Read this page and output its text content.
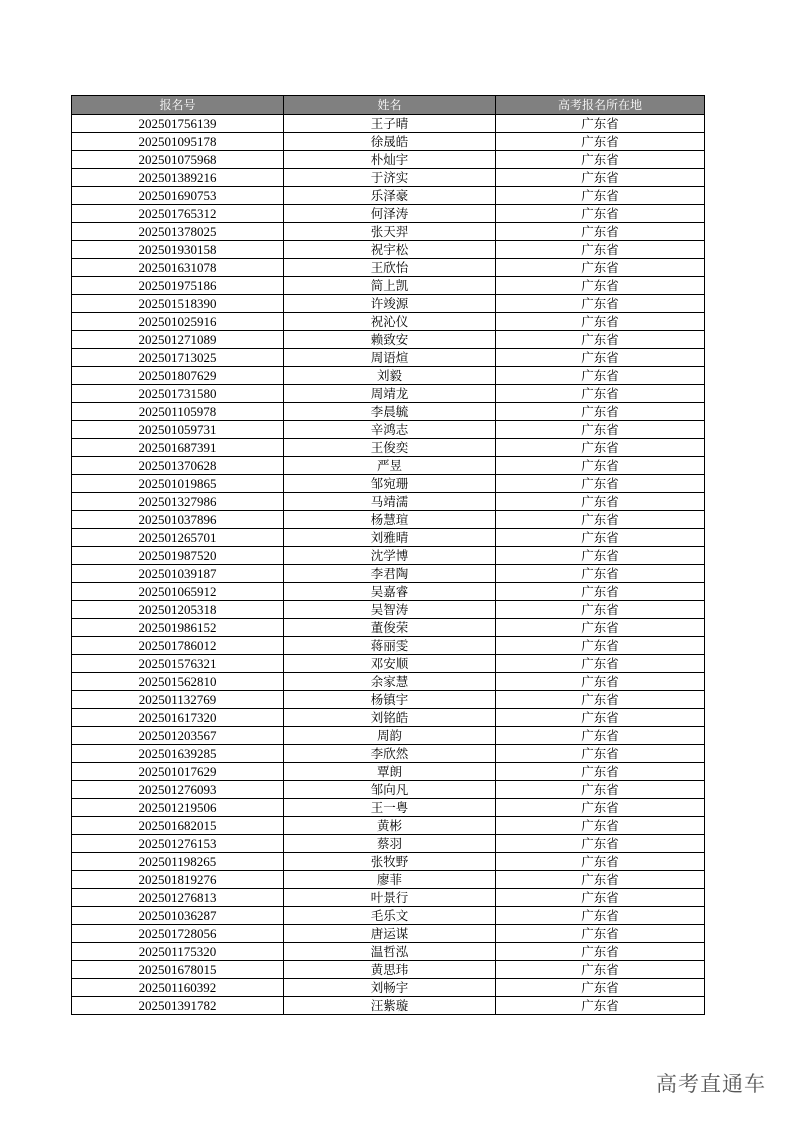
报名号	姓名	高考报名所在地
202501756139	王子晴	广东省
202501095178	徐晟皓	广东省
202501075968	朴灿宇	广东省
202501389216	于济实	广东省
202501690753	乐泽豪	广东省
202501765312	何泽涛	广东省
202501378025	张天羿	广东省
202501930158	祝宇松	广东省
202501631078	王欣怡	广东省
202501975186	简上凯	广东省
202501518390	许竣源	广东省
202501025916	祝沁仪	广东省
202501271089	赖致安	广东省
202501713025	周语煊	广东省
202501807629	刘毅	广东省
202501731580	周靖龙	广东省
202501105978	李晨毓	广东省
202501059731	辛鸿志	广东省
202501687391	王俊奕	广东省
202501370628	严昱	广东省
202501019865	邹宛珊	广东省
202501327986	马靖濡	广东省
202501037896	杨慧瑄	广东省
202501265701	刘雅晴	广东省
202501987520	沈学博	广东省
202501039187	李君陶	广东省
202501065912	吴嘉睿	广东省
202501205318	吴智涛	广东省
202501986152	董俊荣	广东省
202501786012	蒋丽雯	广东省
202501576321	邓安顺	广东省
202501562810	余家慧	广东省
202501132769	杨镇宇	广东省
202501617320	刘铭皓	广东省
202501203567	周韵	广东省
202501639285	李欣然	广东省
202501017629	覃朗	广东省
202501276093	邹向凡	广东省
202501219506	王一粤	广东省
202501682015	黄彬	广东省
202501276153	蔡羽	广东省
202501198265	张牧野	广东省
202501819276	廖菲	广东省
202501276813	叶景行	广东省
202501036287	毛乐文	广东省
202501728056	唐运谋	广东省
202501175320	温哲泓	广东省
202501678015	黄思玮	广东省
202501160392	刘畅宇	广东省
202501391782	汪紫璇	广东省
高考直通车
